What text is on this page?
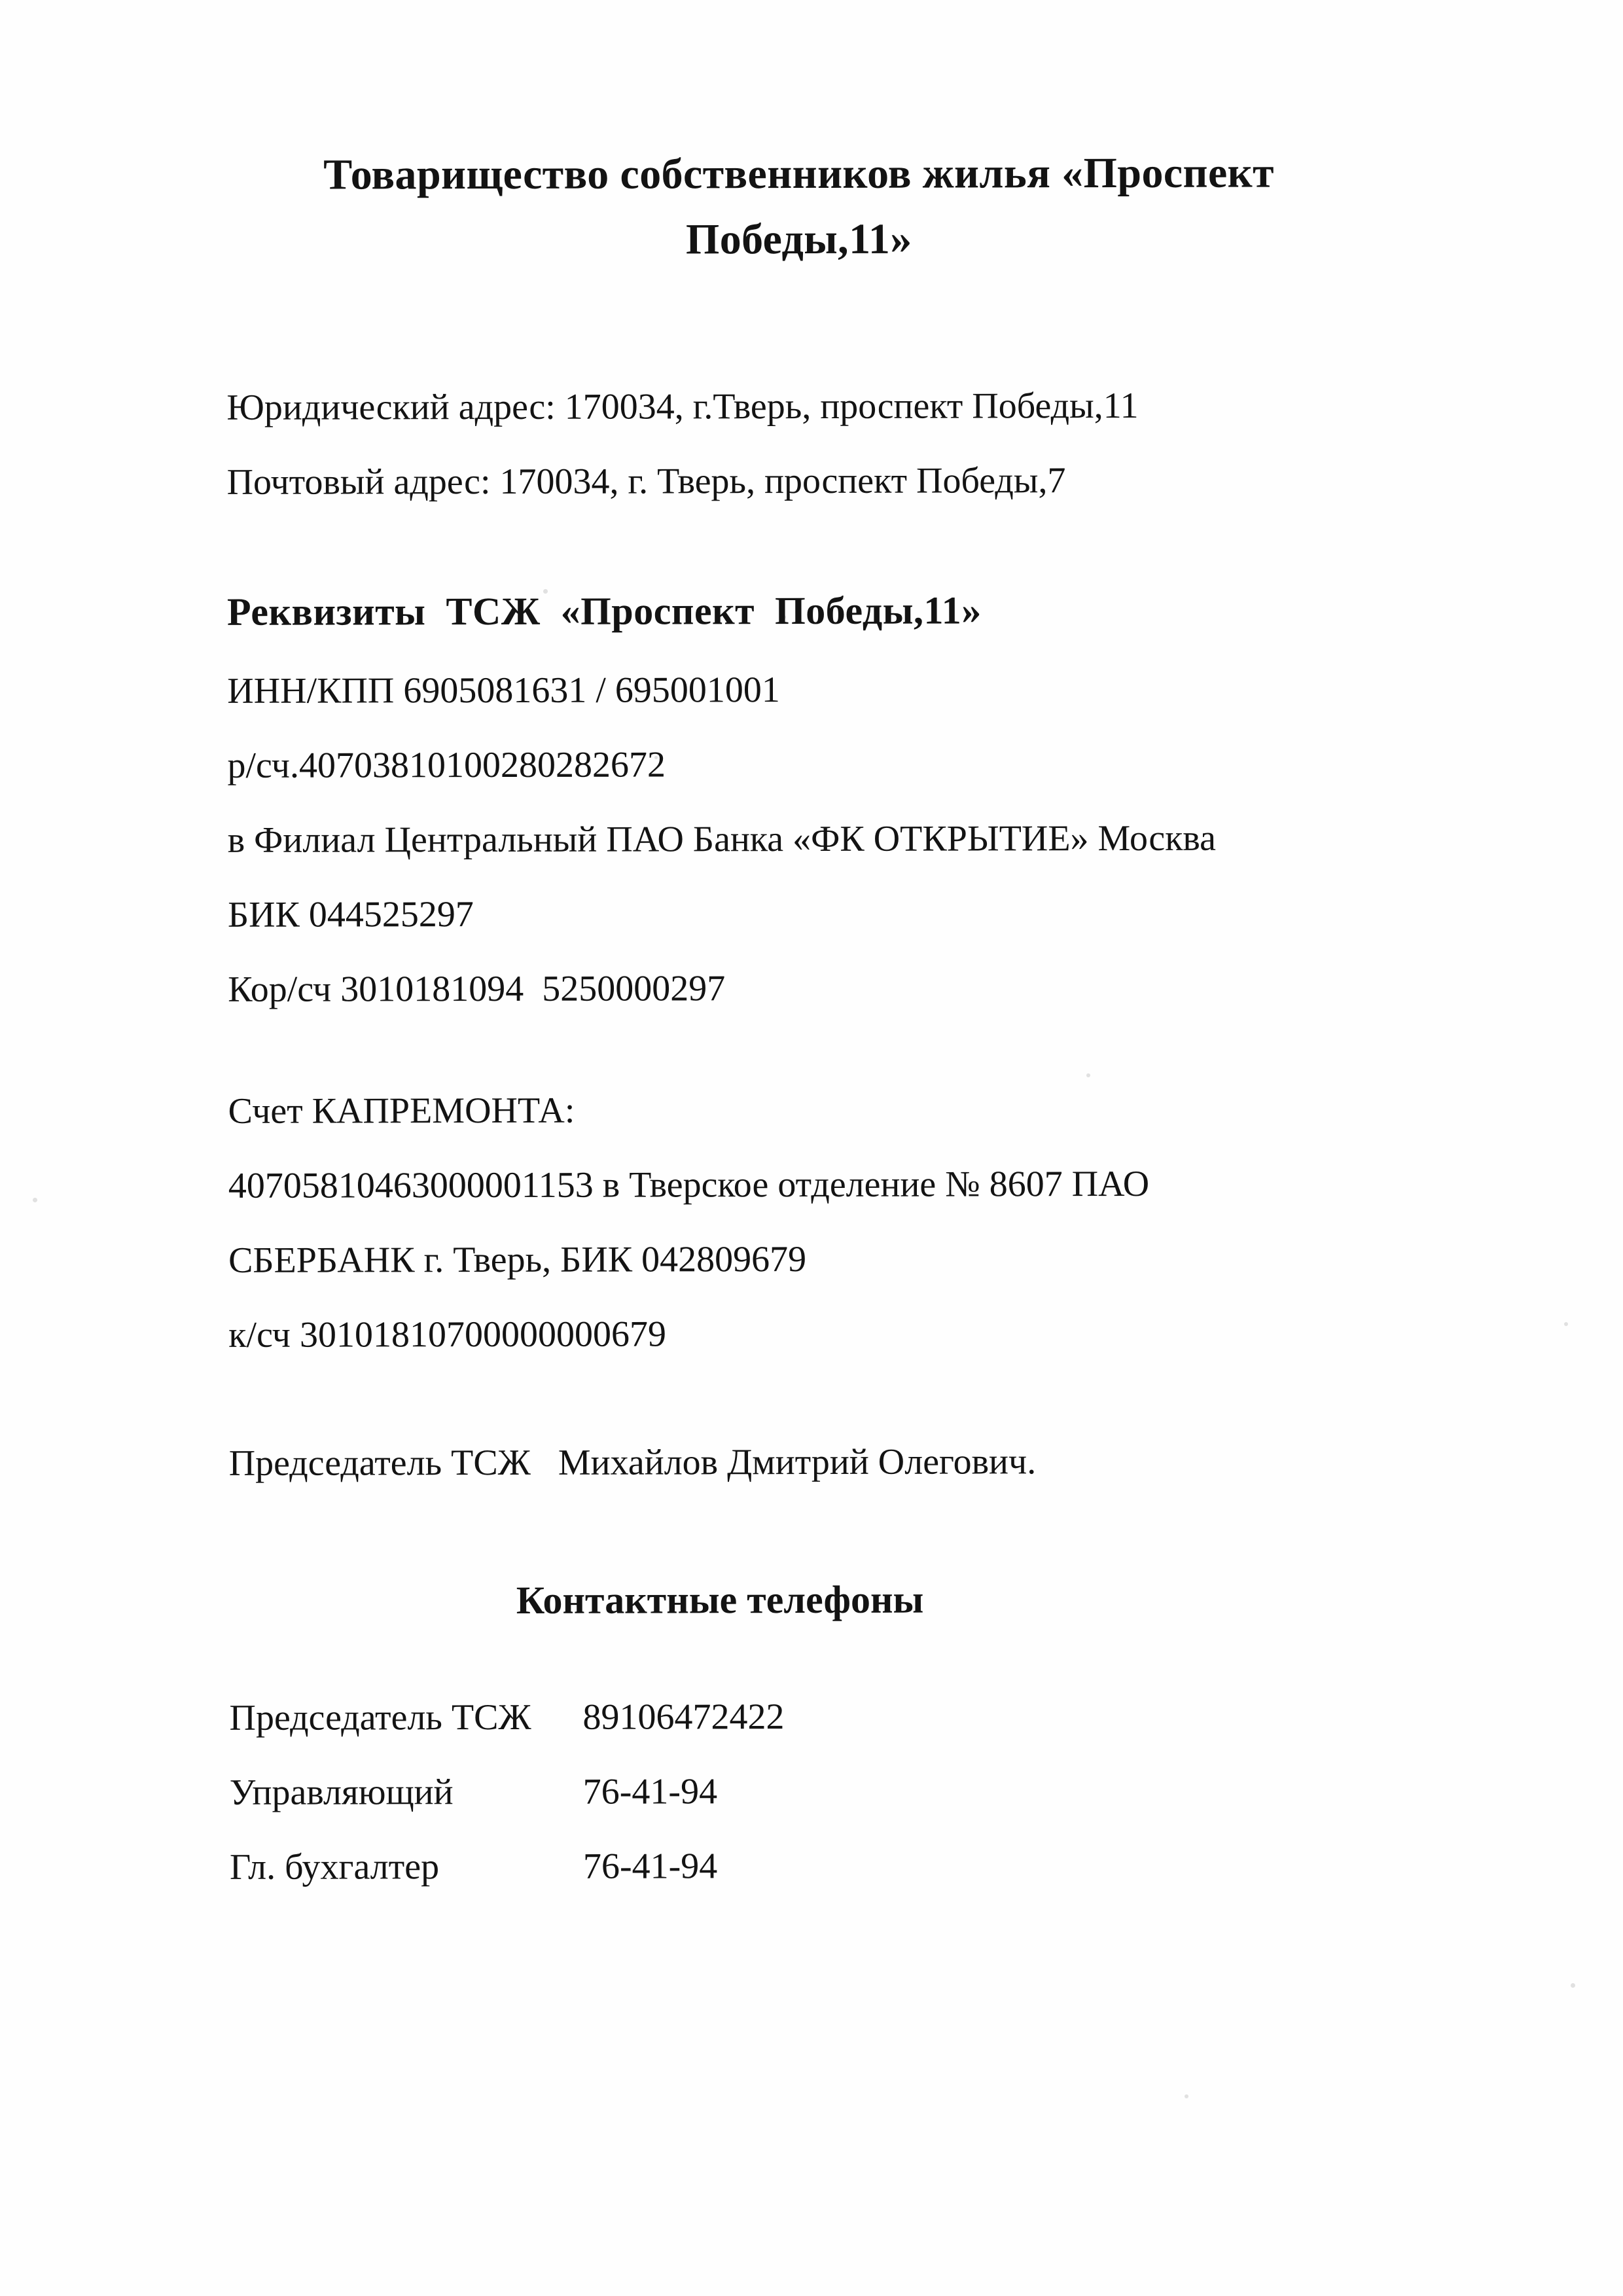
Товарищество собственников жилья «Проспект
Победы,11»
Юридический адрес: 170034, г.Тверь, проспект Победы,11
Почтовый адрес: 170034, г. Тверь, проспект Победы,7
Реквизиты  ТСЖ  «Проспект  Победы,11»
ИНН/КПП 6905081631 / 695001001
р/сч.40703810100280282672
в Филиал Центральный ПАО Банка «ФК ОТКРЫТИЕ» Москва
БИК 044525297
Кор/сч 3010181094  5250000297
Счет КАПРЕМОНТА:
40705810463000001153 в Тверское отделение № 8607 ПАО
СБЕРБАНК г. Тверь, БИК 042809679
к/сч 30101810700000000679
Председатель ТСЖ   Михайлов Дмитрий Олегович.
Контактные телефоны
Председатель ТСЖ	89106472422
Управляющий	76-41-94
Гл. бухгалтер	76-41-94
